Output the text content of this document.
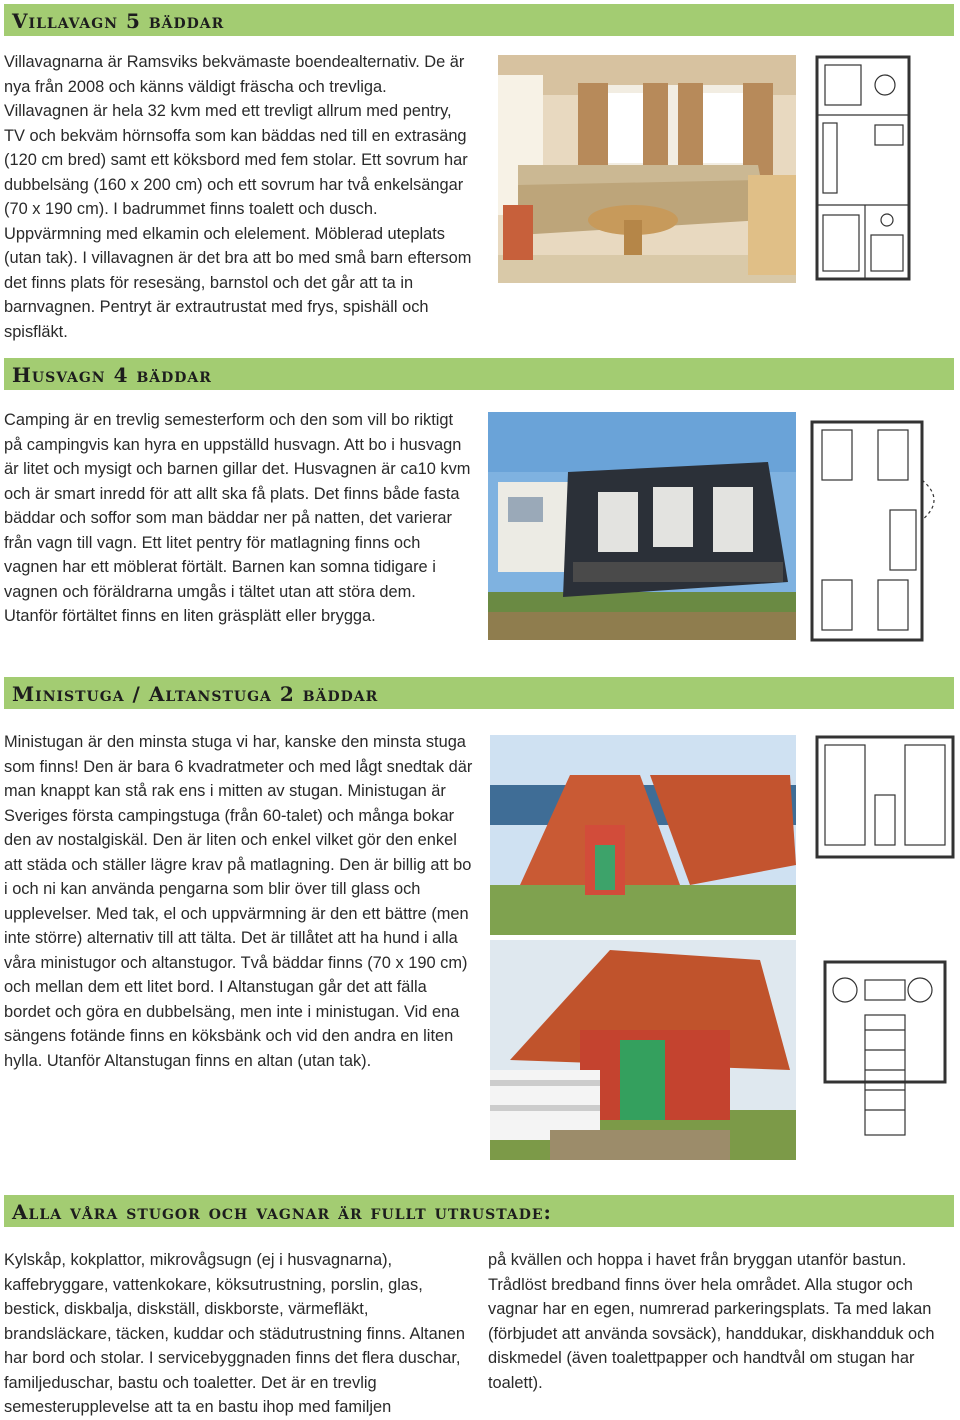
Villavagn 5 bäddar

Villavagnarna är Ramsviks bekvämaste boendealternativ. De är nya från 2008 och känns väldigt fräscha och trevliga. Villavagnen är hela 32 kvm med ett trevligt allrum med pentry, TV och bekväm hörnsoffa som kan bäddas ned till en extrasäng (120 cm bred) samt ett köksbord med fem stolar. Ett sovrum har dubbelsäng (160 x 200 cm) och ett sovrum har två enkelsängar (70 x 190 cm). I badrummet finns toalett och dusch. Uppvärmning med elkamin och elelement. Möblerad uteplats (utan tak). I villavagnen är det bra att bo med små barn eftersom det finns plats för resesäng, barnstol och det går att ta in barnvagnen. Pentryt är extrautrustat med frys, spishäll och spisfläkt.

Husvagn 4 bäddar

Camping är en trevlig semesterform och den som vill bo riktigt på campingvis kan hyra en uppställd husvagn. Att bo i husvagn är litet och mysigt och barnen gillar det. Husvagnen är ca10 kvm och är smart inredd för att allt ska få plats. Det finns både fasta bäddar och soffor som man bäddar ner på natten, det varierar från vagn till vagn. Ett litet pentry för matlagning finns och vagnen har ett möblerat förtält. Barnen kan somna tidigare i vagnen och föräldrarna umgås i tältet utan att störa dem. Utanför förtältet finns en liten gräsplätt eller brygga.

Ministuga / Altanstuga 2 bäddar

Ministugan är den minsta stuga vi har, kanske den minsta stuga som finns! Den är bara 6 kvadratmeter och med lågt snedtak där man knappt kan stå rak ens i mitten av stugan. Ministugan är Sveriges första campingstuga (från 60-talet) och många bokar den av nostalgiskäl. Den är liten och enkel vilket gör den enkel att städa och ställer lägre krav på matlagning. Den är billig att bo i och ni kan använda pengarna som blir över till glass och upplevelser. Med tak, el och uppvärmning är den ett bättre (men inte större) alternativ till att tälta. Det är tillåtet att ha hund i alla våra ministugor och altanstugor. Två bäddar finns (70 x 190 cm) och mellan dem ett litet bord. I Altanstugan går det att fälla bordet och göra en dubbelsäng, men inte i ministugan. Vid ena sängens fotände finns en köksbänk och vid den andra en liten hylla. Utanför Altanstugan finns en altan (utan tak).

Alla våra stugor och vagnar är fullt utrustade:

Kylskåp, kokplattor, mikrovågsugn (ej i husvagnarna), kaffebryggare, vattenkokare, köksutrustning, porslin, glas, bestick, diskbalja, diskställ, diskborste, värmefläkt, brandsläckare, täcken, kuddar och städutrustning finns. Altanen har bord och stolar. I servicebyggnaden finns det flera duschar, familjeduschar, bastu och toaletter. Det är en trevlig semesterupplevelse att ta en bastu ihop med familjen

på kvällen och hoppa i havet från bryggan utanför bastun. Trådlöst bredband finns över hela området. Alla stugor och vagnar har en egen, numrerad parkeringsplats. Ta med lakan (förbjudet att använda sovsäck), handdukar, diskhandduk och diskmedel (även toalettpapper och handtvål om stugan har toalett).
